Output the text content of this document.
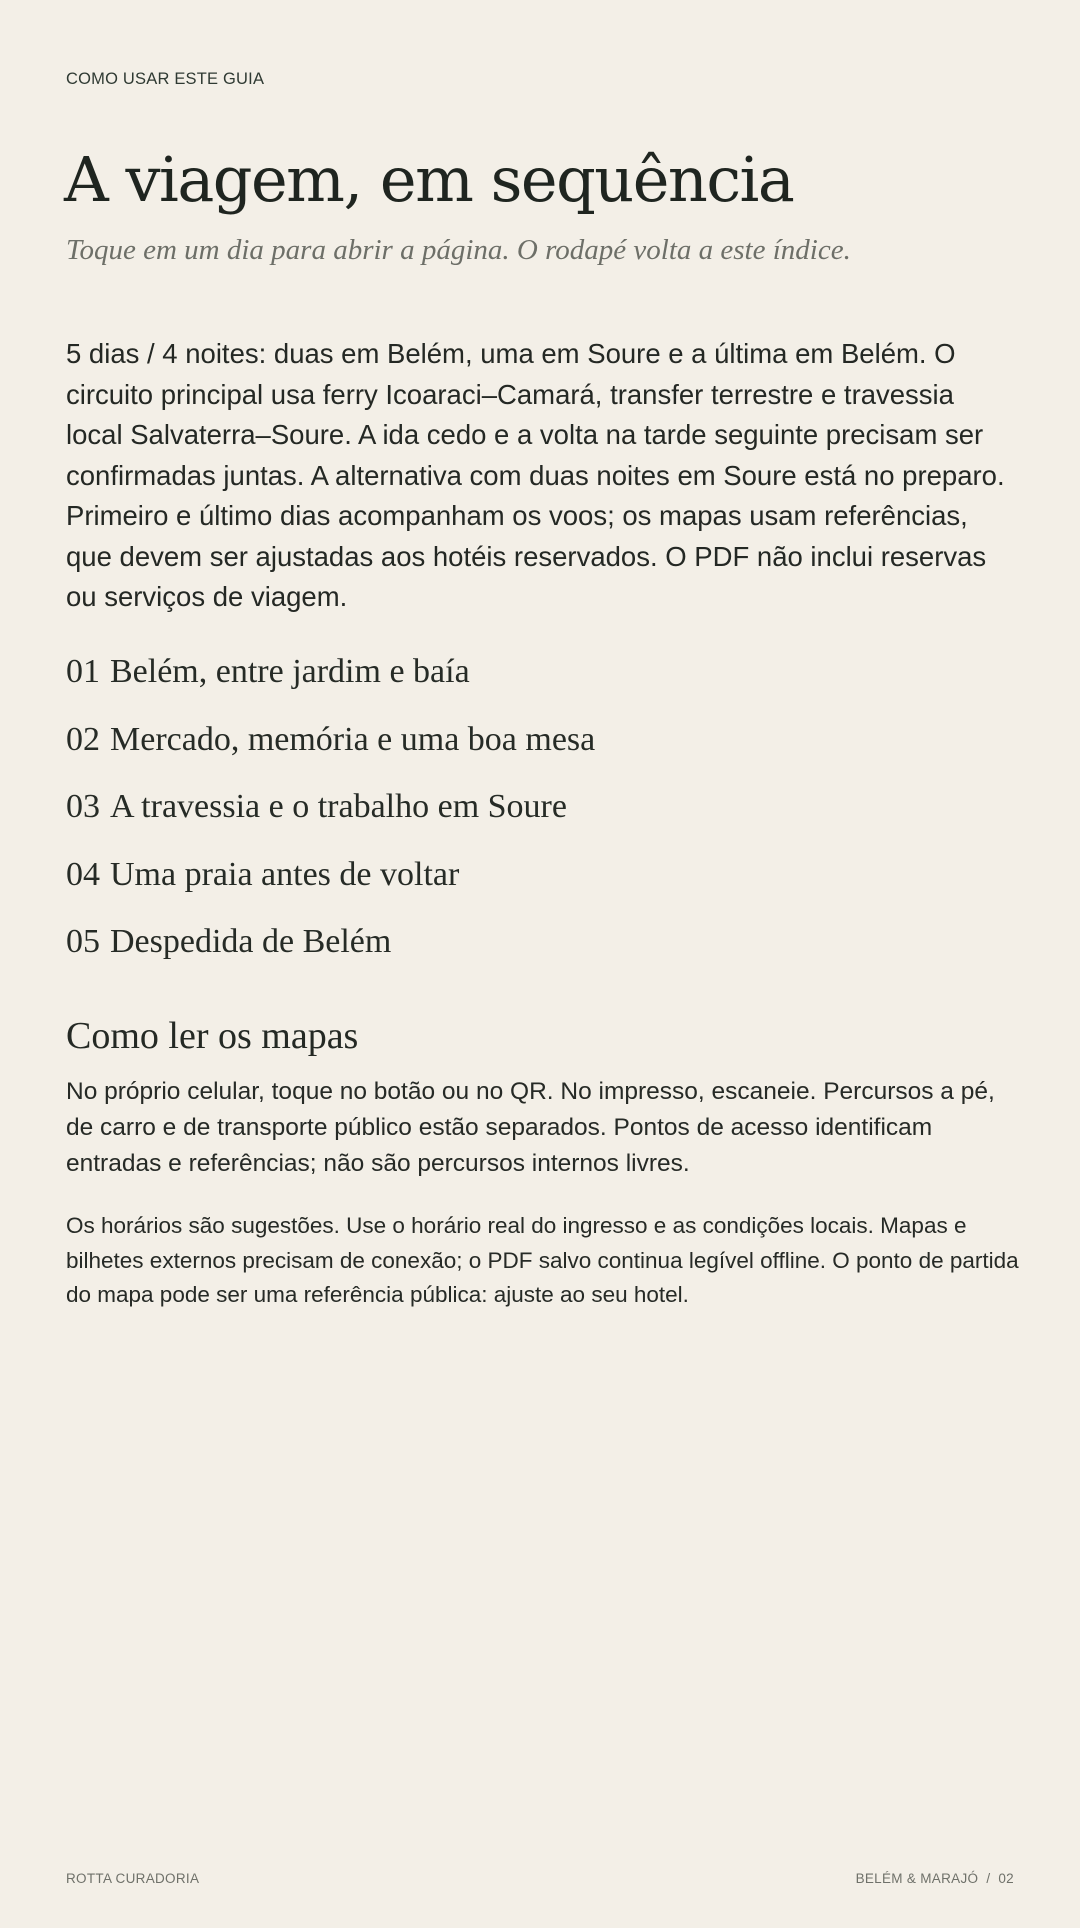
COMO USAR ESTE GUIA
A viagem, em sequência

Toque em um dia para abrir a página. O rodapé volta a este índice.

5 dias / 4 noites: duas em Belém, uma em Soure e a última em Belém. O circuito principal usa ferry Icoaraci–Camará, transfer terrestre e travessia local Salvaterra–Soure. A ida cedo e a volta na tarde seguinte precisam ser confirmadas juntas. A alternativa com duas noites em Soure está no preparo. Primeiro e último dias acompanham os voos; os mapas usam referências, que devem ser ajustadas aos hotéis reservados. O PDF não inclui reservas ou serviços de viagem.

01 Belém, entre jardim e baía
02 Mercado, memória e uma boa mesa
03 A travessia e o trabalho em Soure
04 Uma praia antes de voltar
05 Despedida de Belém
Como ler os mapas

No próprio celular, toque no botão ou no QR. No impresso, escaneie. Percursos a pé, de carro e de transporte público estão separados. Pontos de acesso identificam entradas e referências; não são percursos internos livres.

Os horários são sugestões. Use o horário real do ingresso e as condições locais. Mapas e bilhetes externos precisam de conexão; o PDF salvo continua legível offline. O ponto de partida do mapa pode ser uma referência pública: ajuste ao seu hotel.

ROTTA CURADORIA	BELÉM & MARAJÓ / 02
